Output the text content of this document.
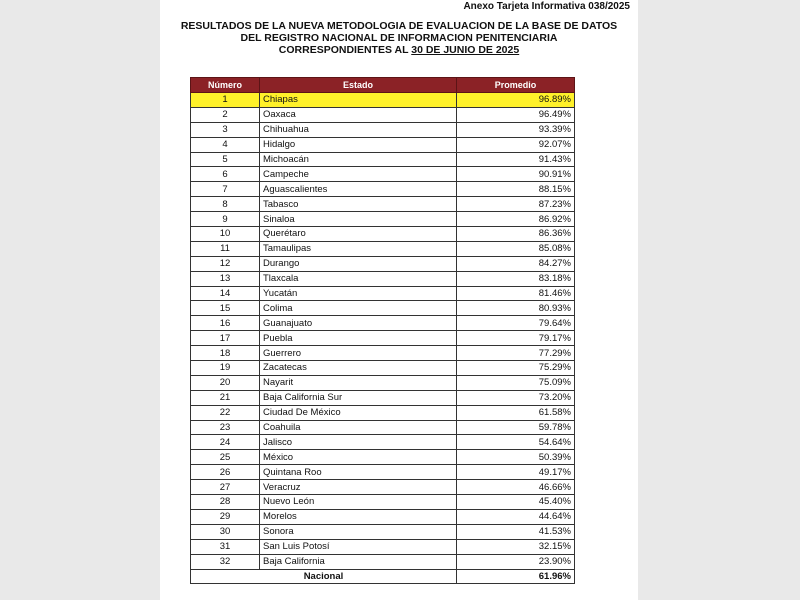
Anexo Tarjeta Informativa 038/2025
RESULTADOS DE LA NUEVA METODOLOGIA DE EVALUACION DE LA BASE DE DATOS
DEL REGISTRO NACIONAL DE INFORMACION PENITENCIARIA
CORRESPONDIENTES AL 30 DE JUNIO DE 2025
Número	Estado	Promedio
1	Chiapas	96.89%
2	Oaxaca	96.49%
3	Chihuahua	93.39%
4	Hidalgo	92.07%
5	Michoacán	91.43%
6	Campeche	90.91%
7	Aguascalientes	88.15%
8	Tabasco	87.23%
9	Sinaloa	86.92%
10	Querétaro	86.36%
11	Tamaulipas	85.08%
12	Durango	84.27%
13	Tlaxcala	83.18%
14	Yucatán	81.46%
15	Colima	80.93%
16	Guanajuato	79.64%
17	Puebla	79.17%
18	Guerrero	77.29%
19	Zacatecas	75.29%
20	Nayarit	75.09%
21	Baja California Sur	73.20%
22	Ciudad De México	61.58%
23	Coahuila	59.78%
24	Jalisco	54.64%
25	México	50.39%
26	Quintana Roo	49.17%
27	Veracruz	46.66%
28	Nuevo León	45.40%
29	Morelos	44.64%
30	Sonora	41.53%
31	San Luis Potosí	32.15%
32	Baja California	23.90%
Nacional		61.96%
